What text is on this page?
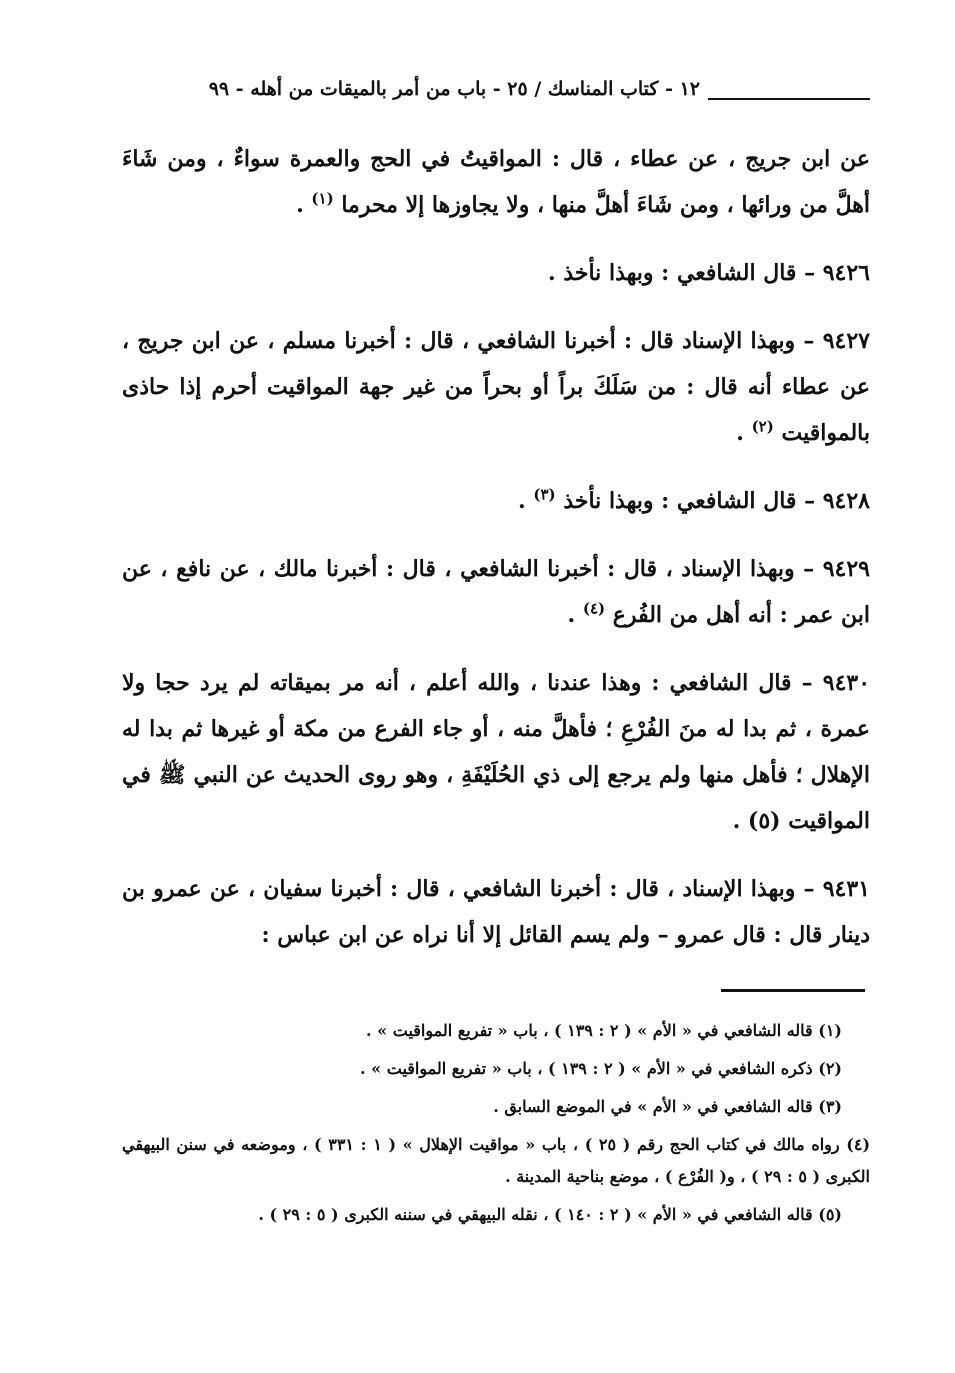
١٢ - كتاب المناسك / ٢٥ - باب من أمر بالميقات من أهله - ٩٩

عن ابن جريج ، عن عطاء ، قال : المواقيتُ في الحج والعمرة سواءٌ ، ومن شَاءَ أهلَّ من ورائها ، ومن شَاءَ أهلَّ منها ، ولا يجاوزها إلا محرما $^{(١)}$ .

٩٤٢٦ – قال الشافعي : وبهذا نأخذ .

٩٤٢٧ – وبهذا الإسناد قال : أخبرنا الشافعي ، قال : أخبرنا مسلم ، عن ابن جريج ، عن عطاء أنه قال : من سَلَكَ براً أو بحراً من غير جهة المواقيت أحرم إذا حاذى بالمواقيت $^{(٢)}$ .

٩٤٢٨ – قال الشافعي : وبهذا نأخذ $^{(٣)}$ .

٩٤٢٩ – وبهذا الإسناد ، قال : أخبرنا الشافعي ، قال : أخبرنا مالك ، عن نافع ، عن ابن عمر : أنه أهل من الفُرع $^{(٤)}$ .

٩٤٣٠ – قال الشافعي : وهذا عندنا ، والله أعلم ، أنه مر بميقاته لم يرد حجا ولا عمرة ، ثم بدا له منَ الفُرْعِ ؛ فأهلَّ منه ، أو جاء الفرع من مكة أو غيرها ثم بدا له الإهلال ؛ فأهل منها ولم يرجع إلى ذي الحُلَيْفَةِ ، وهو روى الحديث عن النبي ﷺ في المواقيت (٥) .

٩٤٣١ – وبهذا الإسناد ، قال : أخبرنا الشافعي ، قال : أخبرنا سفيان ، عن عمرو بن دينار قال : قال عمرو – ولم يسم القائل إلا أنا نراه عن ابن عباس :

(١) قاله الشافعي في « الأم » ( ٢ : ١٣٩ ) ، باب « تفريع المواقيت » .

(٢) ذكره الشافعي في « الأم » ( ٢ : ١٣٩ ) ، باب « تفريع المواقيت » .

(٣) قاله الشافعي في « الأم » في الموضع السابق .

(٤) رواه مالك في كتاب الحج رقم ( ٢٥ ) ، باب « مواقيت الإهلال » ( ١ : ٣٣١ ) ، وموضعه في سنن البيهقي الكبرى ( ٥ : ٢٩ ) ، و( الفُرْع ) ، موضع بناحية المدينة .

(٥) قاله الشافعي في « الأم » ( ٢ : ١٤٠ ) ، نقله البيهقي في سننه الكبرى ( ٥ : ٢٩ ) .
